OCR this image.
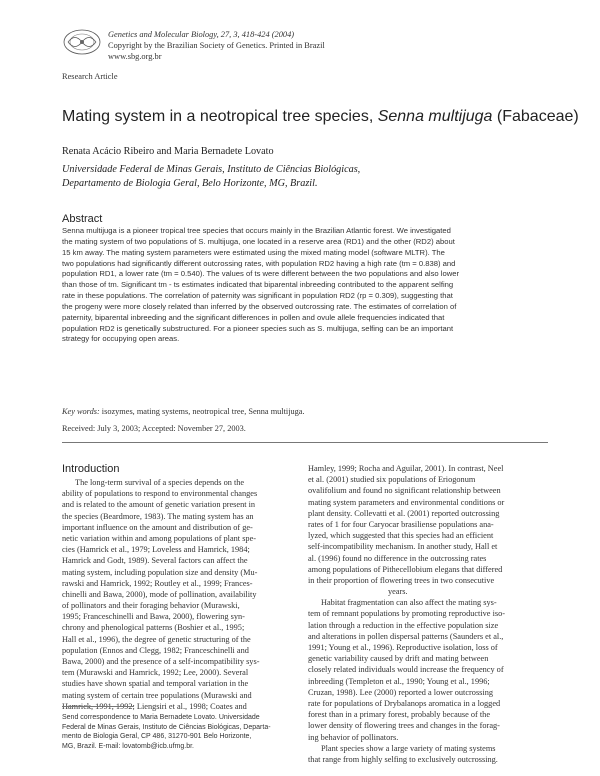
Genetics and Molecular Biology, 27, 3, 418-424 (2004)
Copyright by the Brazilian Society of Genetics. Printed in Brazil
www.sbg.org.br
Research Article
Mating system in a neotropical tree species, Senna multijuga (Fabaceae)
Renata Acácio Ribeiro and Maria Bernadete Lovato
Universidade Federal de Minas Gerais, Instituto de Ciências Biológicas,
Departamento de Biologia Geral, Belo Horizonte, MG, Brazil.
Abstract
Senna multijuga is a pioneer tropical tree species that occurs mainly in the Brazilian Atlantic forest. We investigated
the mating system of two populations of S. multijuga, one located in a reserve area (RD1) and the other (RD2) about
15 km away. The mating system parameters were estimated using the mixed mating model (software MLTR). The
two populations had significantly different outcrossing rates, with population RD2 having a high rate (tm = 0.838) and
population RD1, a lower rate (tm = 0.540). The values of ts were different between the two populations and also lower
than those of tm. Significant tm - ts estimates indicated that biparental inbreeding contributed to the apparent selfing
rate in these populations. The correlation of paternity was significant in population RD2 (rp = 0.309), suggesting that
the progeny were more closely related than inferred by the observed outcrossing rate. The estimates of correlation of
paternity, biparental inbreeding and the significant differences in pollen and ovule allele frequencies indicated that
population RD2 is genetically substructured. For a pioneer species such as S. multijuga, selfing can be an important
strategy for occupying open areas.
Key words: isozymes, mating systems, neotropical tree, Senna multijuga.
Received: July 3, 2003; Accepted: November 27, 2003.
Introduction
The long-term survival of a species depends on the
ability of populations to respond to environmental changes
and is related to the amount of genetic variation present in
the species (Beardmore, 1983). The mating system has an
important influence on the amount and distribution of ge-
netic variation within and among populations of plant spe-
cies (Hamrick et al., 1979; Loveless and Hamrick, 1984;
Hamrick and Godt, 1989). Several factors can affect the
mating system, including population size and density (Mu-
rawski and Hamrick, 1992; Routley et al., 1999; Frances-
chinelli and Bawa, 2000), mode of pollination, availability
of pollinators and their foraging behavior (Murawski,
1995; Franceschinelli and Bawa, 2000), flowering syn-
chrony and phenological patterns (Boshier et al., 1995;
Hall et al., 1996), the degree of genetic structuring of the
population (Ennos and Clegg, 1982; Franceschinelli and
Bawa, 2000) and the presence of a self-incompatibility sys-
tem (Murawski and Hamrick, 1992; Lee, 2000). Several
studies have shown spatial and temporal variation in the
mating system of certain tree populations (Murawski and
Hamrick, 1991, 1992; Liengsiri et al., 1998; Coates and
Hamley, 1999; Rocha and Aguilar, 2001). In contrast, Neel
et al. (2001) studied six populations of Eriogonum
ovalifolium and found no significant relationship between
mating system parameters and environmental conditions or
plant density. Collevatti et al. (2001) reported outcrossing
rates of 1 for four Caryocar brasiliense populations ana-
lyzed, which suggested that this species had an efficient
self-incompatibility mechanism. In another study, Hall et
al. (1996) found no difference in the outcrossing rates
among populations of Pithecellobium elegans that differed
in their proportion of flowering trees in two consecutive
years.
Habitat fragmentation can also affect the mating sys-
tem of remnant populations by promoting reproductive iso-
lation through a reduction in the effective population size
and alterations in pollen dispersal patterns (Saunders et al.,
1991; Young et al., 1996). Reproductive isolation, loss of
genetic variability caused by drift and mating between
closely related individuals would increase the frequency of
inbreeding (Templeton et al., 1990; Young et al., 1996;
Cruzan, 1998). Lee (2000) reported a lower outcrossing
rate for populations of Drybalanops aromatica in a logged
forest than in a primary forest, probably because of the
lower density of flowering trees and changes in the forag-
ing behavior of pollinators.
Plant species show a large variety of mating systems
that range from highly selfing to exclusively outcrossing.
Send correspondence to Maria Bernadete Lovato. Universidade
Federal de Minas Gerais, Instituto de Ciências Biológicas, Departa-
mento de Biologia Geral, CP 486, 31270-901 Belo Horizonte,
MG, Brazil. E-mail: lovatomb@icb.ufmg.br.
